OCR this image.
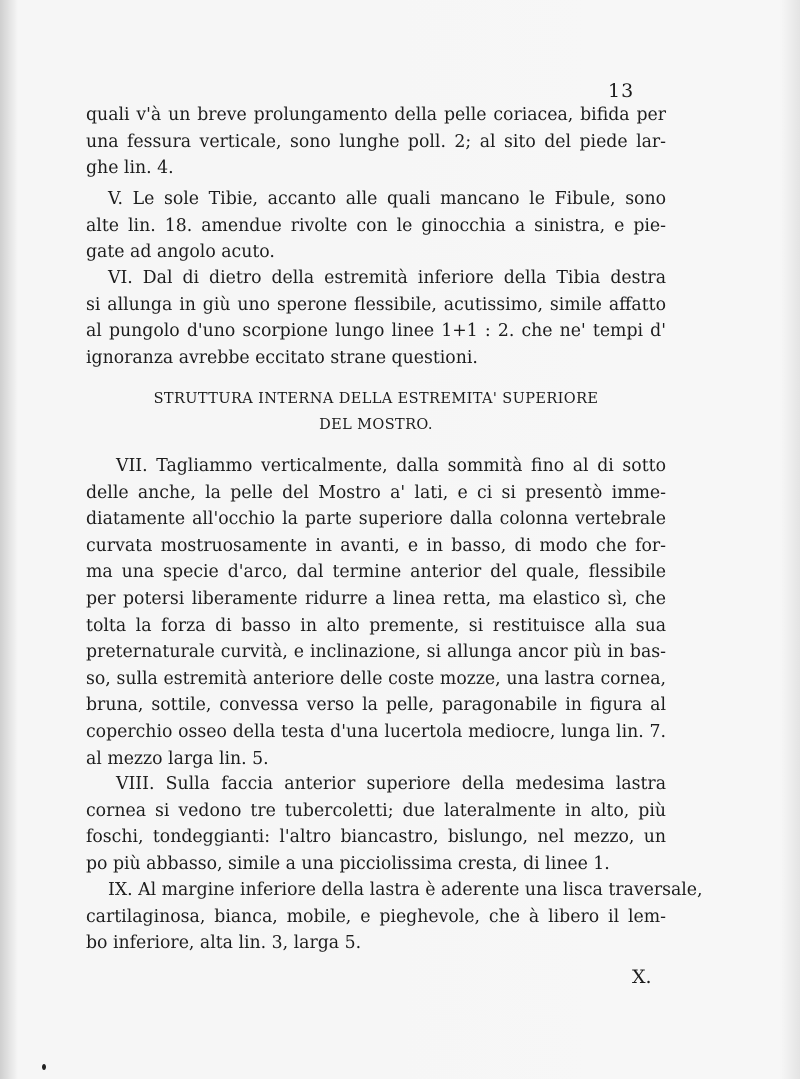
13
quali v'à un breve prolungamento della pelle coriacea, bifida per
una fessura verticale, sono lunghe poll. 2; al sito del piede lar-
ghe lin. 4.
V. Le sole Tibie, accanto alle quali mancano le Fibule, sono
alte lin. 18. amendue rivolte con le ginocchia a sinistra, e pie-
gate ad angolo acuto.
VI. Dal di dietro della estremità inferiore della Tibia destra
si allunga in giù uno sperone flessibile, acutissimo, simile affatto
al pungolo d'uno scorpione lungo linee 1+1 : 2. che ne' tempi d'
ignoranza avrebbe eccitato strane questioni.
STRUTTURA INTERNA DELLA ESTREMITA' SUPERIORE
DEL MOSTRO.
VII. Tagliammo verticalmente, dalla sommità fino al di sotto
delle anche, la pelle del Mostro a' lati, e ci si presentò imme-
diatamente all'occhio la parte superiore dalla colonna vertebrale
curvata mostruosamente in avanti, e in basso, di modo che for-
ma una specie d'arco, dal termine anterior del quale, flessibile
per potersi liberamente ridurre a linea retta, ma elastico sì, che
tolta la forza di basso in alto premente, si restituisce alla sua
preternaturale curvità, e inclinazione, si allunga ancor più in bas-
so, sulla estremità anteriore delle coste mozze, una lastra cornea,
bruna, sottile, convessa verso la pelle, paragonabile in figura al
coperchio osseo della testa d'una lucertola mediocre, lunga lin. 7.
al mezzo larga lin. 5.
VIII. Sulla faccia anterior superiore della medesima lastra
cornea si vedono tre tubercoletti; due lateralmente in alto, più
foschi, tondeggianti: l'altro biancastro, bislungo, nel mezzo, un
po più abbasso, simile a una picciolissima cresta, di linee 1.
IX. Al margine inferiore della lastra è aderente una lisca traversale,
cartilaginosa, bianca, mobile, e pieghevole, che à libero il lem-
bo inferiore, alta lin. 3, larga 5.
X.
